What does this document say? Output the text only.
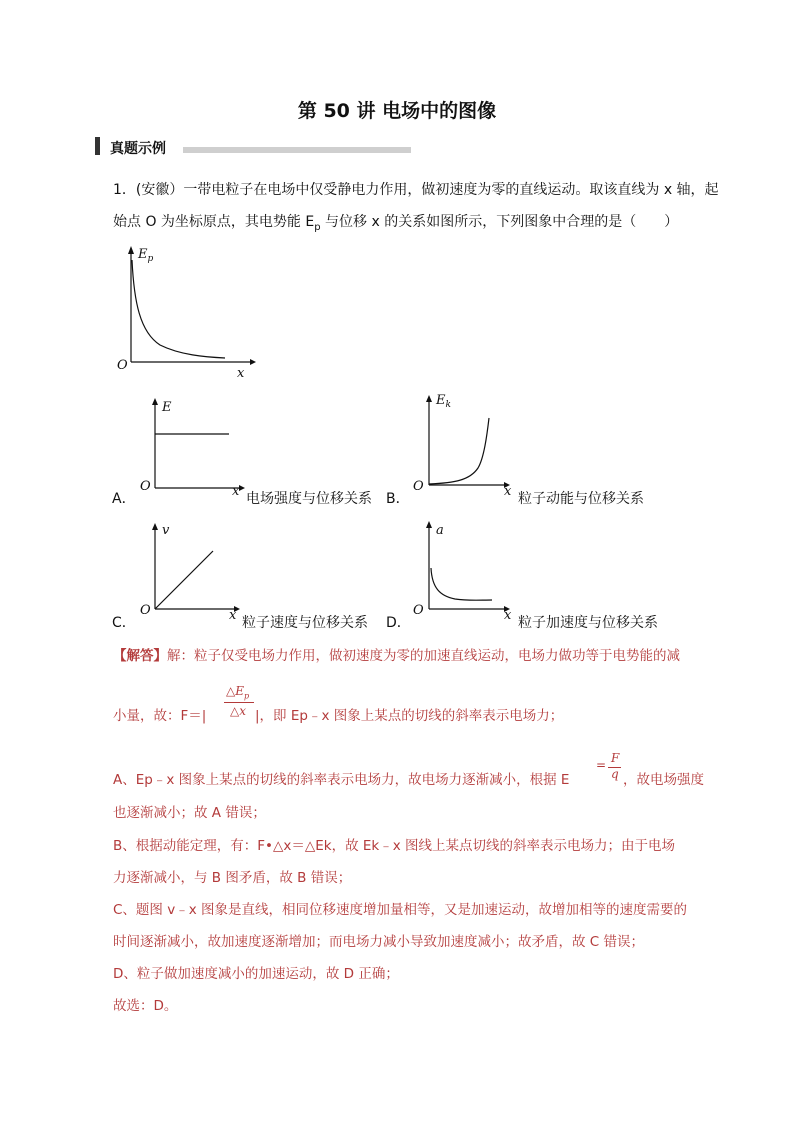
第 50 讲 电场中的图像
真题示例
1．(安徽）一带电粒子在电场中仅受静电力作用，做初速度为零的直线运动。取该直线为 x 轴，起
始点 O 为坐标原点，其电势能 $E_p$ 与位移 x 的关系如图所示，下列图象中合理的是（　　）
$E_p$
x
O
E
O
A．	x 电场强度与位移关系
$E_k$
O
B．	x 粒子动能与位移关系
v
O
C．	x 粒子速度与位移关系
a
O
D．	x 粒子加速度与位移关系
【解答】解：粒子仅受电场力作用，做初速度为零的加速直线运动，电场力做功等于电势能的减
$\triangle E_p$
△x
小量，故：F＝|	|，即 Ep﹣x 图象上某点的切线的斜率表示电场力；
A、Ep﹣x 图象上某点的切线的斜率表示电场力，故电场力逐渐减小，根据 E
= F
q ，故电场强度
也逐渐减小；故 A 错误；
B、根据动能定理，有：F•△x＝△Ek，故 Ek﹣x 图线上某点切线的斜率表示电场力；由于电场
力逐渐减小，与 B 图矛盾，故 B 错误；
C、题图 v﹣x 图象是直线，相同位移速度增加量相等，又是加速运动，故增加相等的速度需要的
时间逐渐减小，故加速度逐渐增加；而电场力减小导致加速度减小；故矛盾，故 C 错误；
D、粒子做加速度减小的加速运动，故 D 正确；
故选：D。
